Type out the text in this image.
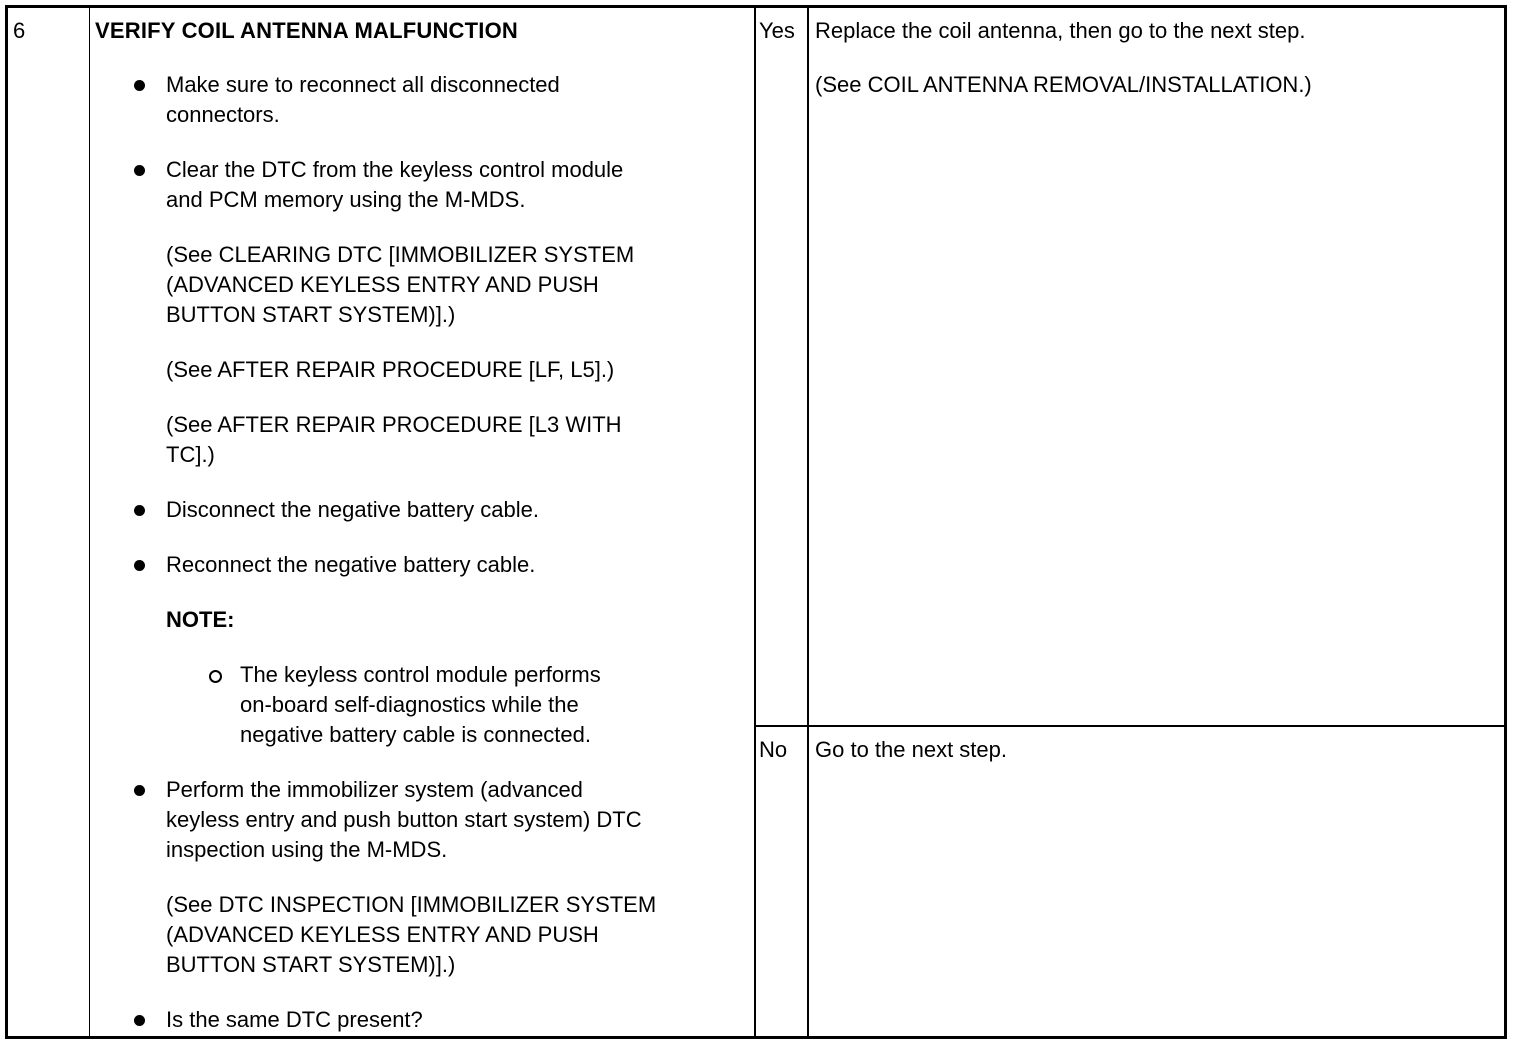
6	VERIFY COIL ANTENNA MALFUNCTION
Make sure to reconnect all disconnected
connectors.
Clear the DTC from the keyless control module
and PCM memory using the M-MDS.
(See CLEARING DTC [IMMOBILIZER SYSTEM
(ADVANCED KEYLESS ENTRY AND PUSH
BUTTON START SYSTEM)].)
(See AFTER REPAIR PROCEDURE [LF, L5].)
(See AFTER REPAIR PROCEDURE [L3 WITH
TC].)
Disconnect the negative battery cable.
Reconnect the negative battery cable.
NOTE:
The keyless control module performs
on-board self-diagnostics while the
negative battery cable is connected.
Perform the immobilizer system (advanced
keyless entry and push button start system) DTC
inspection using the M-MDS.
(See DTC INSPECTION [IMMOBILIZER SYSTEM
(ADVANCED KEYLESS ENTRY AND PUSH
BUTTON START SYSTEM)].)
Is the same DTC present?
Yes Replace the coil antenna, then go to the next step.
(See COIL ANTENNA REMOVAL/INSTALLATION.)
No Go to the next step.
